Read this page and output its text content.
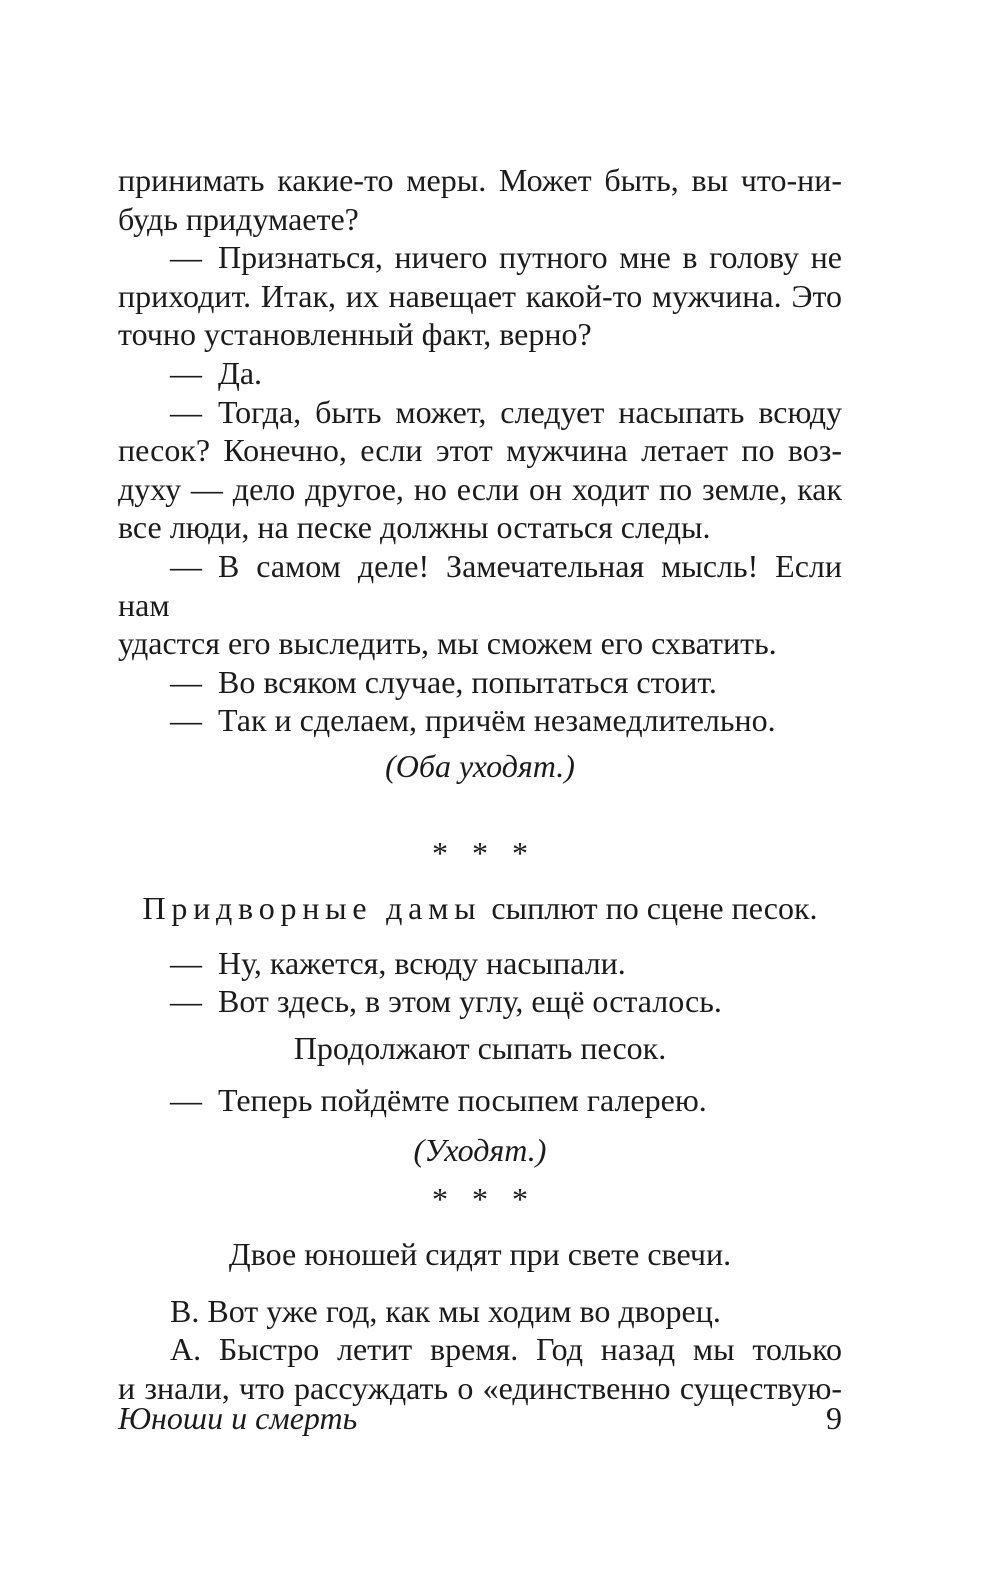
принимать какие-то меры. Может быть, вы что-ни-
будь придумаете?

— Признаться, ничего путного мне в голову не
приходит. Итак, их навещает какой-то мужчина. Это
точно установленный факт, верно?

— Да.

— Тогда, быть может, следует насыпать всюду
песок? Конечно, если этот мужчина летает по воз-
духу — дело другое, но если он ходит по земле, как
все люди, на песке должны остаться следы.

— В самом деле! Замечательная мысль! Если нам
удастся его выследить, мы сможем его схватить.

— Во всяком случае, попытаться стоит.

— Так и сделаем, причём незамедлительно.

(Оба уходят.)

* * *

Придворные дамы сыплют по сцене песок.

— Ну, кажется, всюду насыпали.

— Вот здесь, в этом углу, ещё осталось.

Продолжают сыпать песок.

— Теперь пойдёмте посыпем галерею.

(Уходят.)

* * *

Двое юношей сидят при свете свечи.

В. Вот уже год, как мы ходим во дворец.

А. Быстро летит время. Год назад мы только
и знали, что рассуждать о «единственно существую-

Юноши и смерть	9
